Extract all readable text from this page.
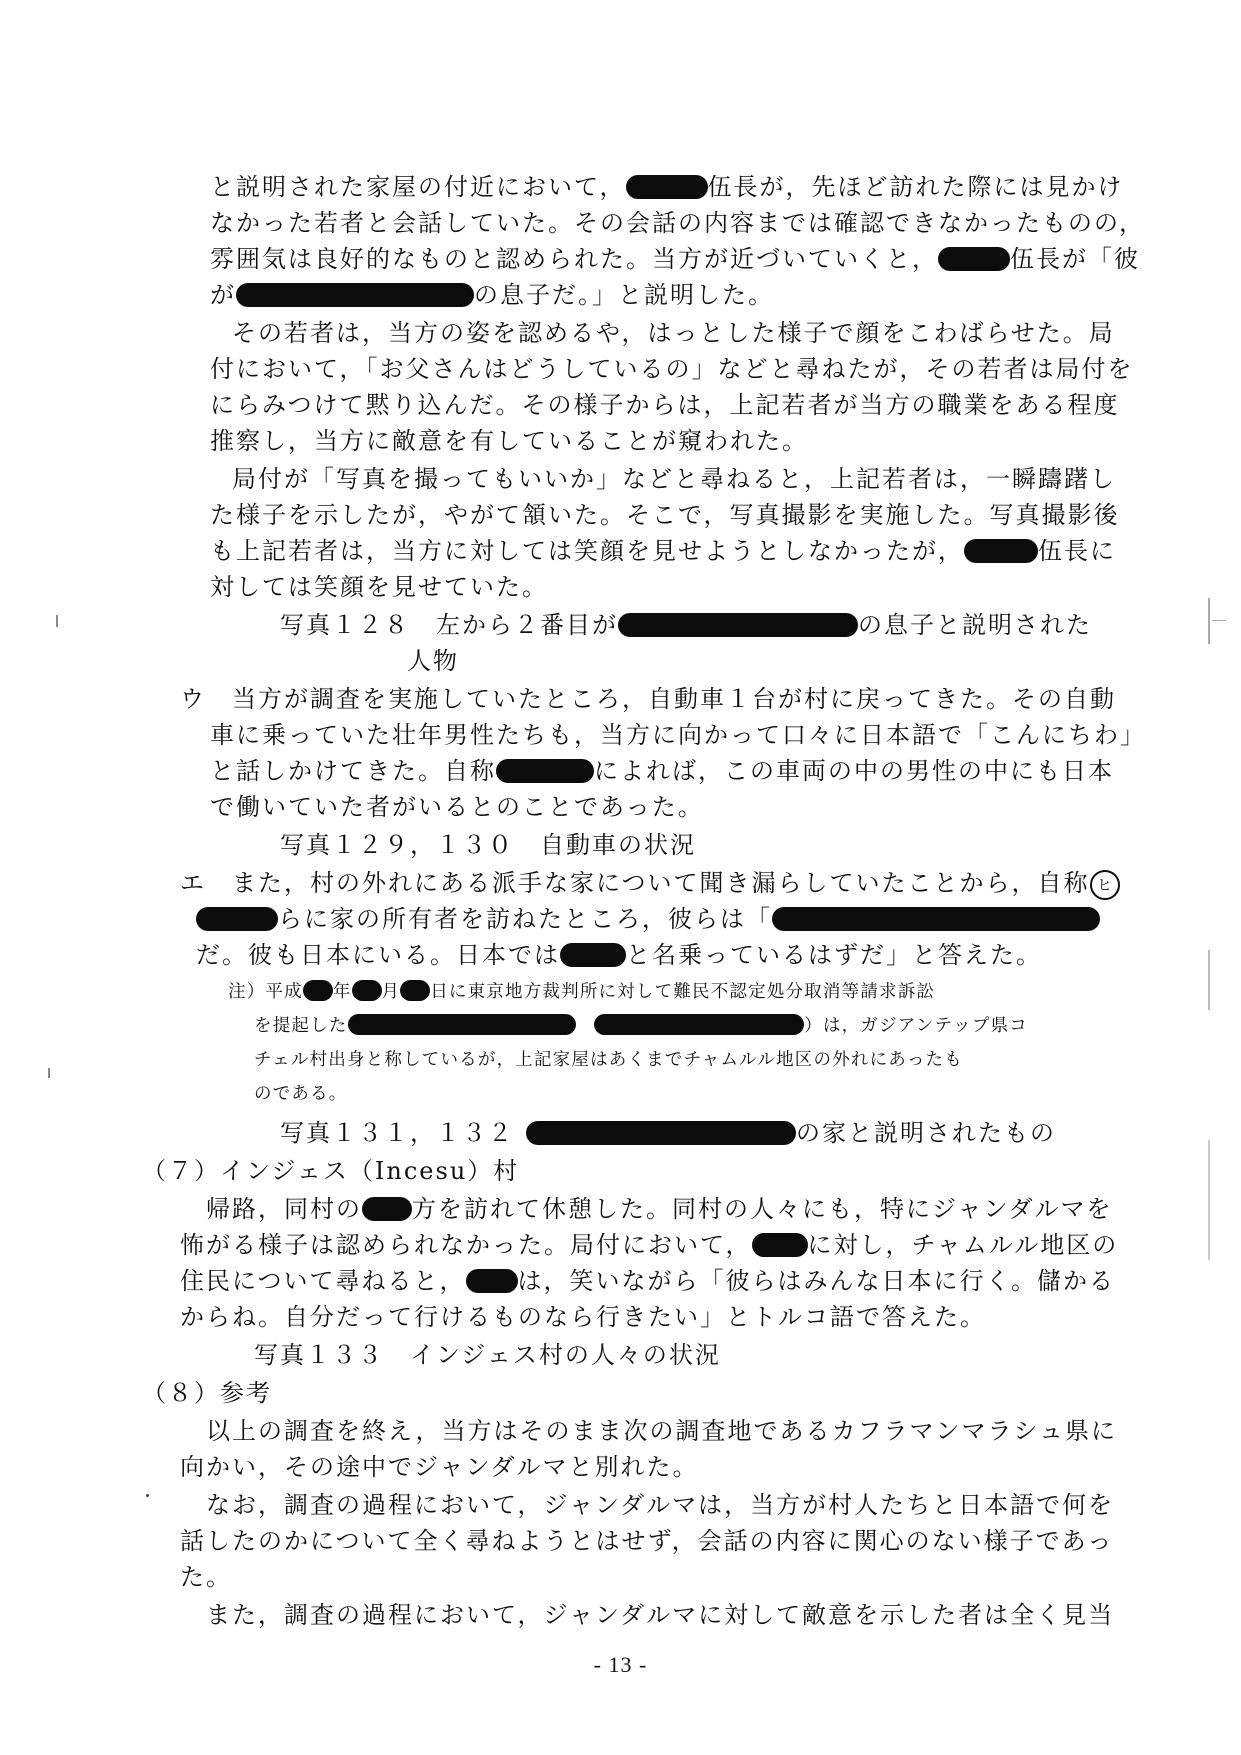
と説明された家屋の付近において，	伍長が，先ほど訪れた際には見かけ
なかった若者と会話していた。その会話の内容までは確認できなかったものの，
雰囲気は良好的なものと認められた。当方が近づいていくと，	伍長が「彼
が	の息子だ。」と説明した。
その若者は，当方の姿を認めるや，はっとした様子で顔をこわばらせた。局
付において，「お父さんはどうしているの」などと尋ねたが，その若者は局付を
にらみつけて黙り込んだ。その様子からは，上記若者が当方の職業をある程度
推察し，当方に敵意を有していることが窺われた。
局付が「写真を撮ってもいいか」などと尋ねると，上記若者は，一瞬躊躇し
た様子を示したが，やがて頷いた。そこで，写真撮影を実施した。写真撮影後
も上記若者は，当方に対しては笑顔を見せようとしなかったが，	伍長に
対しては笑顔を見せていた。
写真１２８　左から２番目が	の息子と説明された
人物
ウ　当方が調査を実施していたところ，自動車１台が村に戻ってきた。その自動
車に乗っていた壮年男性たちも，当方に向かって口々に日本語で「こんにちわ」
と話しかけてきた。自称	によれば，この車両の中の男性の中にも日本
で働いていた者がいるとのことであった。
写真１２９，１３０　自動車の状況
エ　また，村の外れにある派手な家について聞き漏らしていたことから，自称 ヒ
らに家の所有者を訪ねたところ，彼らは「
だ。彼も日本にいる。日本では	と名乗っているはずだ」と答えた。
注）平成 年 月 日に東京地方裁判所に対して難民不認定処分取消等請求訴訟
を提起した	）は，ガジアンテップ県コ
チェル村出身と称しているが，上記家屋はあくまでチャムルル地区の外れにあったも
のである。
写真１３１，１３２	の家と説明されたもの
（７）インジェス（Incesu）村
帰路，同村の 方を訪れて休憩した。同村の人々にも，特にジャンダルマを
怖がる様子は認められなかった。局付において， に対し，チャムルル地区の
住民について尋ねると， は，笑いながら「彼らはみんな日本に行く。儲かる
からね。自分だって行けるものなら行きたい」とトルコ語で答えた。
写真１３３　インジェス村の人々の状況
（８）参考
以上の調査を終え，当方はそのまま次の調査地であるカフラマンマラシュ県に
向かい，その途中でジャンダルマと別れた。
なお，調査の過程において，ジャンダルマは，当方が村人たちと日本語で何を
話したのかについて全く尋ねようとはせず，会話の内容に関心のない様子であっ
た。
また，調査の過程において，ジャンダルマに対して敵意を示した者は全く見当
- 13 -
